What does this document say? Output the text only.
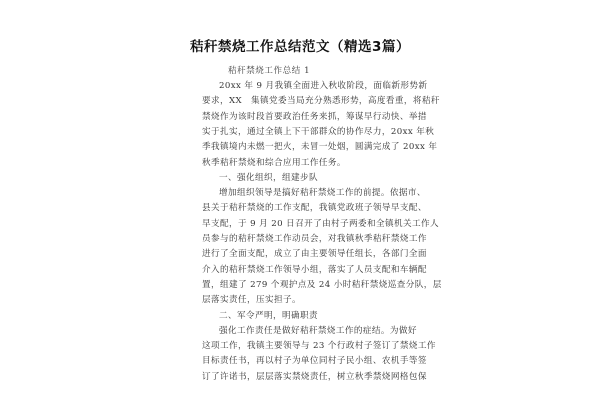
秸秆禁烧工作总结范文（精选3篇）
秸秆禁烧工作总结 1
20xx 年 9 月我镇全面进入秋收阶段，面临新形势新
要求，XX　集镇党委当局充分熟悉形势，高度看重，将秸秆
禁烧作为该时段首要政治任务来抓，筹谋早行动快、举措
实于扎实，通过全镇上下干部群众的协作尽力，20xx 年秋
季我镇境内未燃一把火，未冒一处烟，圆满完成了 20xx 年
秋季秸秆禁烧和综合应用工作任务。
一、强化组织，组建步队
增加组织领导是搞好秸秆禁烧工作的前提。依据市、
县关于秸秆禁烧的工作支配，我镇党政班子领导早支配、
早支配，于 9 月 20 日召开了由村子两委和全镇机关工作人
员参与的秸秆禁烧工作动员会，对我镇秋季秸秆禁烧工作
进行了全面支配，成立了由主要领导任组长，各部门全面
介入的秸秆禁烧工作领导小组，落实了人员支配和车辆配
置，组建了 279 个观护点及 24 小时秸秆禁烧巡查分队，层
层落实责任，压实担子。
二、军令严明，明确职责
强化工作责任是做好秸秆禁烧工作的症结。为做好
这项工作，我镇主要领导与 23 个行政村子签订了禁烧工作
目标责任书，再以村子为单位同村子民小组、农机手等签
订了许诺书，层层落实禁烧责任，树立秋季禁烧网格包保
